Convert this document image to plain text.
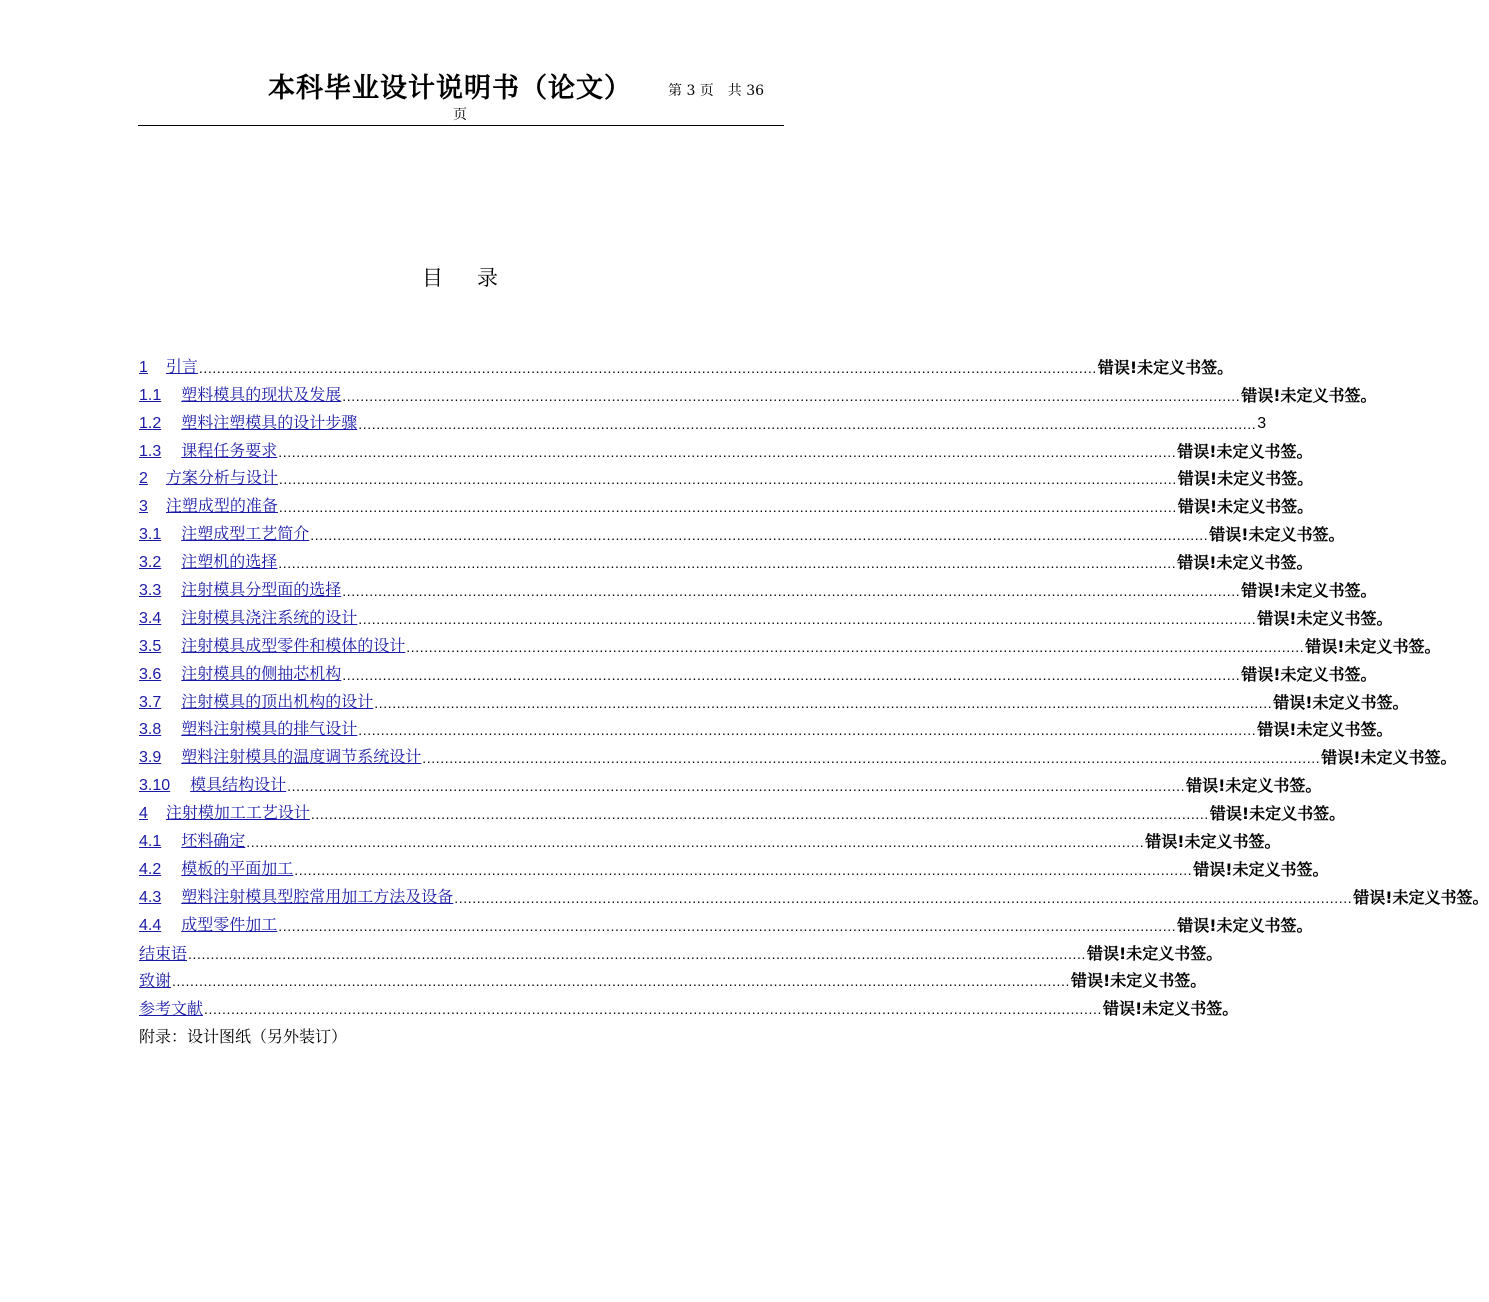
本科毕业设计说明书（论文）	第 3 页　共 36
页
目录
1 引言 ........................................................................................................................................................................................................ 错误!未定义书签。
1.1 塑料模具的现状及发展 ........................................................................................................................................................................................................ 错误!未定义书签。
1.2 塑料注塑模具的设计步骤 ........................................................................................................................................................................................................ 3
1.3 课程任务要求 ........................................................................................................................................................................................................ 错误!未定义书签。
2 方案分析与设计 ........................................................................................................................................................................................................ 错误!未定义书签。
3 注塑成型的准备 ........................................................................................................................................................................................................ 错误!未定义书签。
3.1 注塑成型工艺简介 ........................................................................................................................................................................................................ 错误!未定义书签。
3.2 注塑机的选择 ........................................................................................................................................................................................................ 错误!未定义书签。
3.3 注射模具分型面的选择 ........................................................................................................................................................................................................ 错误!未定义书签。
3.4 注射模具浇注系统的设计 ........................................................................................................................................................................................................ 错误!未定义书签。
3.5 注射模具成型零件和模体的设计 ........................................................................................................................................................................................................ 错误!未定义书签。
3.6 注射模具的侧抽芯机构 ........................................................................................................................................................................................................ 错误!未定义书签。
3.7 注射模具的顶出机构的设计 ........................................................................................................................................................................................................ 错误!未定义书签。
3.8 塑料注射模具的排气设计 ........................................................................................................................................................................................................ 错误!未定义书签。
3.9 塑料注射模具的温度调节系统设计 ........................................................................................................................................................................................................ 错误!未定义书签。
3.10 模具结构设计 ........................................................................................................................................................................................................ 错误!未定义书签。
4 注射模加工工艺设计 ........................................................................................................................................................................................................ 错误!未定义书签。
4.1 坯料确定 ........................................................................................................................................................................................................ 错误!未定义书签。
4.2 模板的平面加工 ........................................................................................................................................................................................................ 错误!未定义书签。
4.3 塑料注射模具型腔常用加工方法及设备 ........................................................................................................................................................................................................ 错误!未定义书签。
4.4 成型零件加工 ........................................................................................................................................................................................................ 错误!未定义书签。
结束语 ........................................................................................................................................................................................................ 错误!未定义书签。
致谢 ........................................................................................................................................................................................................ 错误!未定义书签。
参考文献 ........................................................................................................................................................................................................ 错误!未定义书签。
附录：设计图纸（另外装订）
